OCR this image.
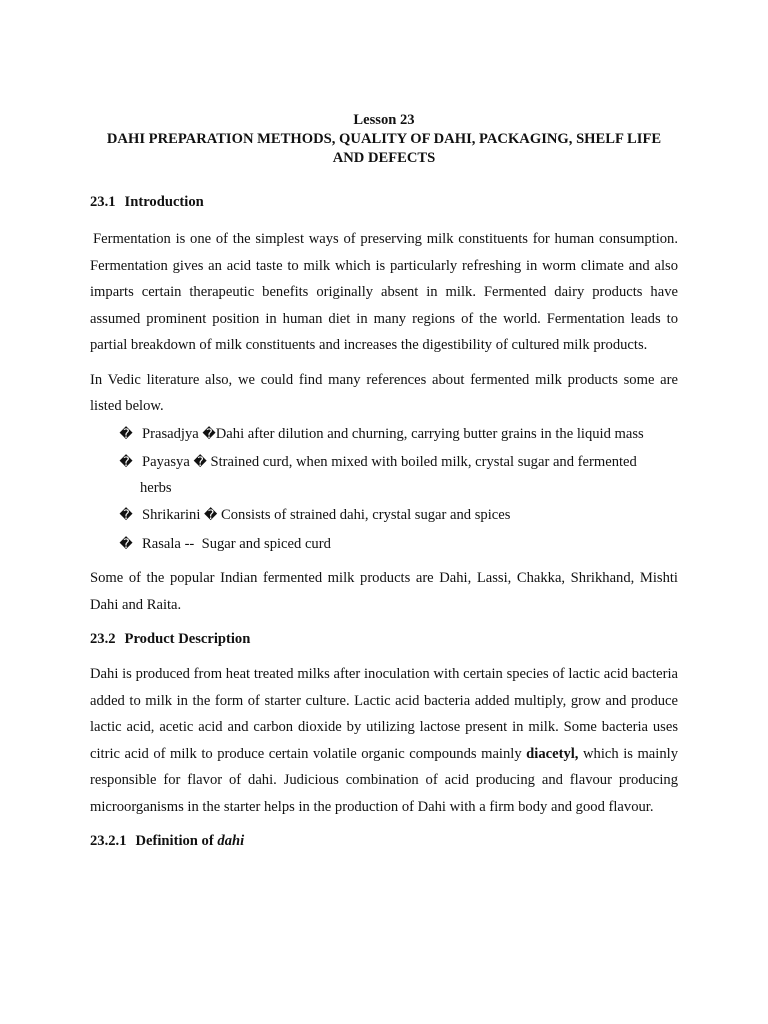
Lesson 23

DAHI PREPARATION METHODS, QUALITY OF DAHI, PACKAGING, SHELF LIFE

AND DEFECTS

23.1 Introduction

Fermentation is one of the simplest ways of preserving milk constituents for human consumption. Fermentation gives an acid taste to milk which is particularly refreshing in worm climate and also imparts certain therapeutic benefits originally absent in milk. Fermented dairy products have assumed prominent position in human diet in many regions of the world. Fermentation leads to partial breakdown of milk constituents and increases the digestibility of cultured milk products.

In Vedic literature also, we could find many references about fermented milk products some are listed below.

� Prasadjya �Dahi after dilution and churning, carrying butter grains in the liquid mass
� Payasya � Strained curd, when mixed with boiled milk, crystal sugar and fermented
herbs
� Shrikarini � Consists of strained dahi, crystal sugar and spices
� Rasala -- Sugar and spiced curd

Some of the popular Indian fermented milk products are Dahi, Lassi, Chakka, Shrikhand, Mishti Dahi and Raita.

23.2 Product Description

Dahi is produced from heat treated milks after inoculation with certain species of lactic acid bacteria added to milk in the form of starter culture. Lactic acid bacteria added multiply, grow and produce lactic acid, acetic acid and carbon dioxide by utilizing lactose present in milk. Some bacteria uses citric acid of milk to produce certain volatile organic compounds mainly diacetyl, which is mainly responsible for flavor of dahi. Judicious combination of acid producing and flavour producing microorganisms in the starter helps in the production of Dahi with a firm body and good flavour.

23.2.1 Definition of dahi
